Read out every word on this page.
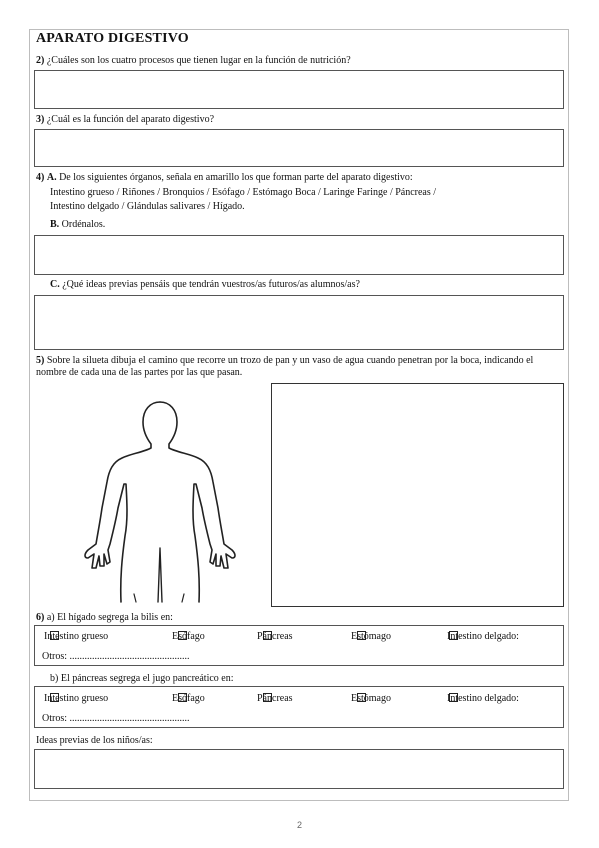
APARATO DIGESTIVO
2) ¿Cuáles son los cuatro procesos que tienen lugar en la función de nutrición?
3) ¿Cuál es la función del aparato digestivo?
4) A. De los siguientes órganos, señala en amarillo los que forman parte del aparato digestivo:
Intestino grueso / Riñones / Bronquios / Esófago / Estómago Boca / Laringe Faringe / Páncreas /
Intestino delgado / Glándulas salivares / Hígado.
B. Ordénalos.
C. ¿Qué ideas previas pensáis que tendrán vuestros/as futuros/as alumnos/as?
5) Sobre la silueta dibuja el camino que recorre un trozo de pan y un vaso de agua cuando penetran por la boca, indicando el nombre de cada una de las partes por las que pasan.
6) a) El hígado segrega la bilis en:
Intestino grueso	Esófago	Páncreas	Estómago	Intestino delgado:
Otros: ................................................
b) El páncreas segrega el jugo pancreático en:
Intestino grueso	Esófago	Páncreas	Estómago	Intestino delgado:
Otros: ................................................
Ideas previas de los niños/as:
2
